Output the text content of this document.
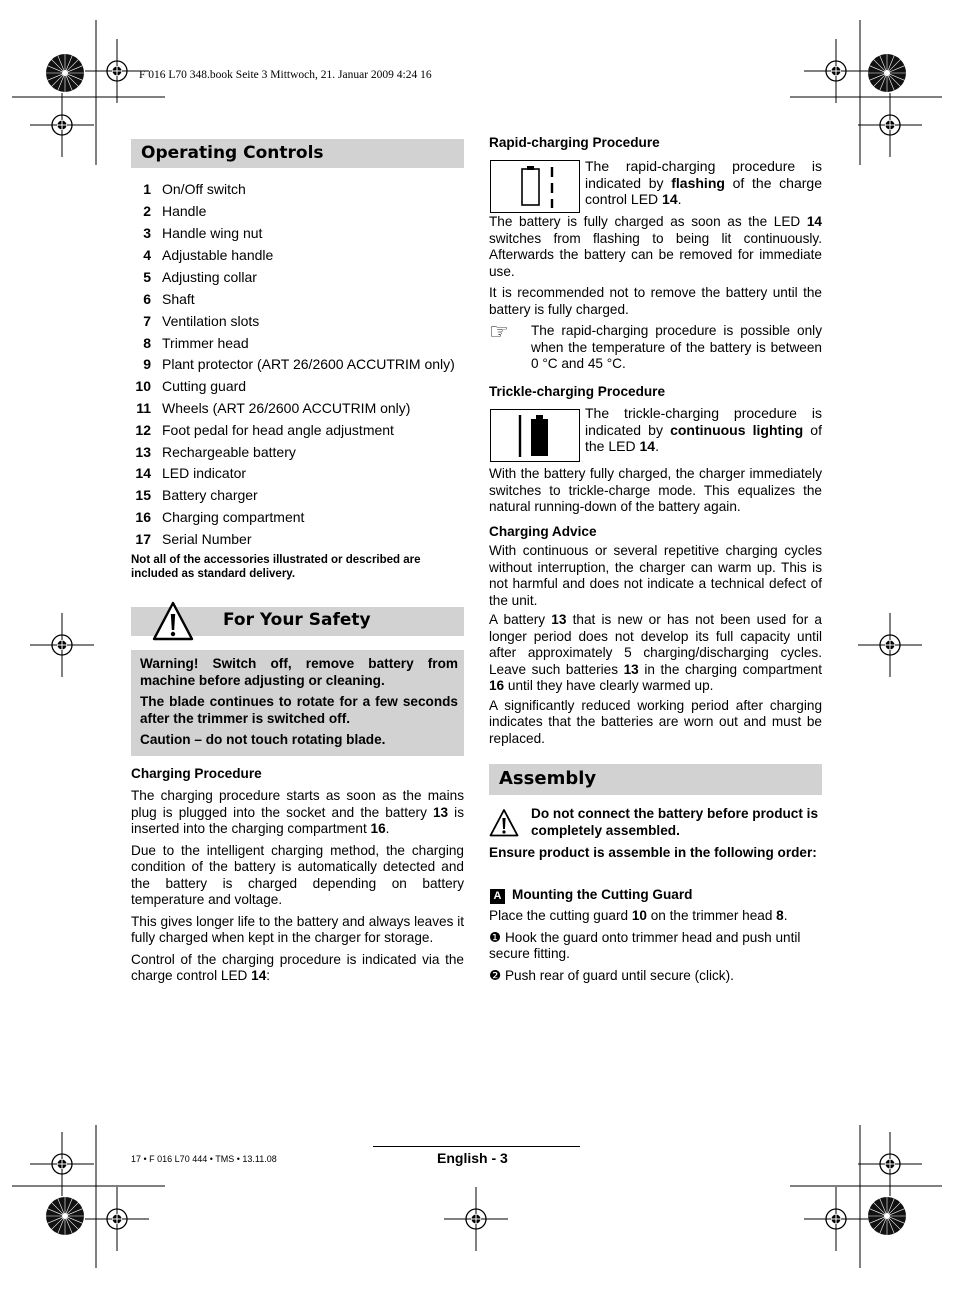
F 016 L70 348.book Seite 3 Mittwoch, 21. Januar 2009 4:24 16
Operating Controls
1 On/Off switch
2 Handle
3 Handle wing nut
4 Adjustable handle
5 Adjusting collar
6 Shaft
7 Ventilation slots
8 Trimmer head
9 Plant protector (ART 26/2600 ACCUTRIM only)
10 Cutting guard
11 Wheels (ART 26/2600 ACCUTRIM only)
12 Foot pedal for head angle adjustment
13 Rechargeable battery
14 LED indicator
15 Battery charger
16 Charging compartment
17 Serial Number
Not all of the accessories illustrated or described are included as standard delivery.
For Your Safety

Warning! Switch off, remove battery from machine before adjusting or cleaning.

The blade continues to rotate for a few seconds after the trimmer is switched off.

Caution – do not touch rotating blade.

Charging Procedure
The charging procedure starts as soon as the mains plug is plugged into the socket and the battery 13 is inserted into the charging compartment 16.
Due to the intelligent charging method, the charging condition of the battery is automatically detected and the battery is charged depending on battery temperature and voltage.
This gives longer life to the battery and always leaves it fully charged when kept in the charger for storage.
Control of the charging procedure is indicated via the charge control LED 14:
Rapid-charging Procedure
The rapid-charging procedure is indicated by flashing of the charge control LED 14.
The battery is fully charged as soon as the LED 14 switches from flashing to being lit continuously. Afterwards the battery can be removed for immediate use.
It is recommended not to remove the battery until the battery is fully charged.
☞ The rapid-charging procedure is possible only when the temperature of the battery is between 0 °C and 45 °C.
Trickle-charging Procedure
The trickle-charging procedure is indicated by continuous lighting of the LED 14.
With the battery fully charged, the charger immediately switches to trickle-charge mode. This equalizes the natural running-down of the battery again.
Charging Advice
With continuous or several repetitive charging cycles without interruption, the charger can warm up. This is not harmful and does not indicate a technical defect of the unit.
A battery 13 that is new or has not been used for a longer period does not develop its full capacity until after approximately 5 charging/discharging cycles. Leave such batteries 13 in the charging compartment 16 until they have clearly warmed up.
A significantly reduced working period after charging indicates that the batteries are worn out and must be replaced.
Assembly
Do not connect the battery before product is completely assembled.
Ensure product is assemble in the following order:
A Mounting the Cutting Guard
Place the cutting guard 10 on the trimmer head 8.
❶ Hook the guard onto trimmer head and push until secure fitting.
❷ Push rear of guard until secure (click).
17 • F 016 L70 444 • TMS • 13.11.08	English - 3
